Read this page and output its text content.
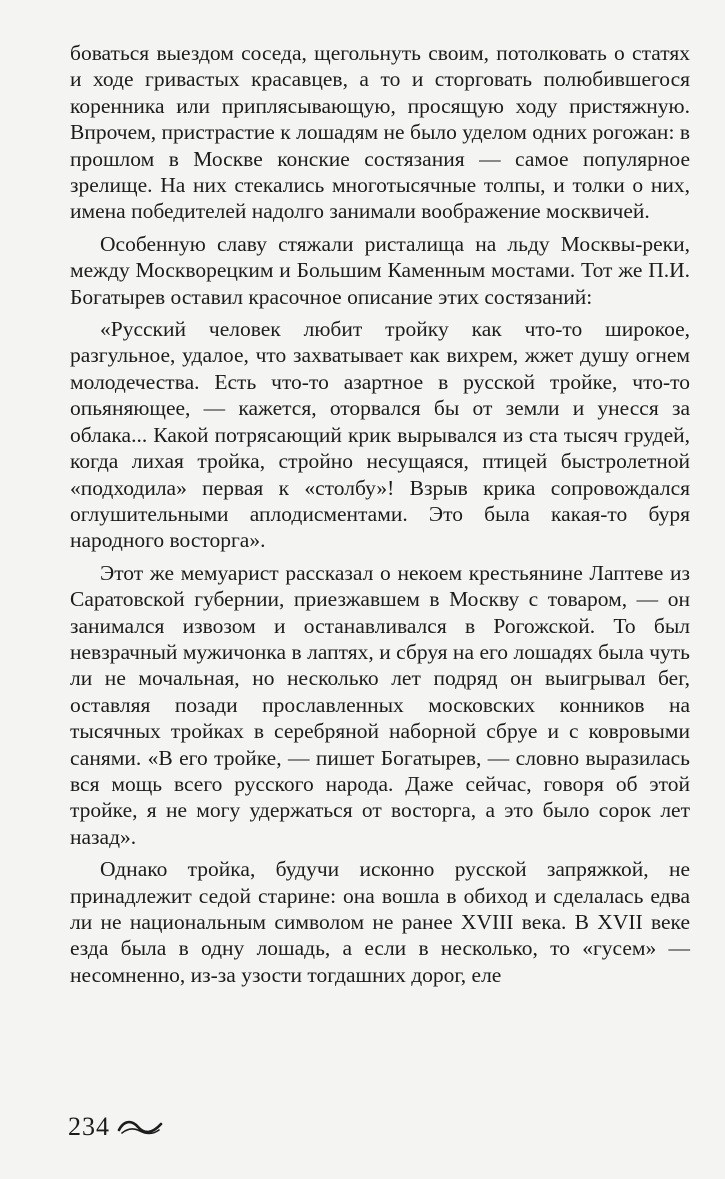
боваться выездом соседа, щегольнуть своим, потолковать о статях и ходе гривастых красавцев, а то и сторговать полюбившегося коренника или приплясывающую, просящую ходу пристяжную. Впрочем, пристрастие к лошадям не было уделом одних рогожан: в прошлом в Москве конские состязания — самое популярное зрелище. На них стекались многотысячные толпы, и толки о них, имена победителей надолго занимали воображение москвичей.

Особенную славу стяжали ристалища на льду Москвы-реки, между Москворецким и Большим Каменным мостами. Тот же П.И. Богатырев оставил красочное описание этих состязаний:

«Русский человек любит тройку как что-то широкое, разгульное, удалое, что захватывает как вихрем, жжет душу огнем молодечества. Есть что-то азартное в русской тройке, что-то опьяняющее, — кажется, оторвался бы от земли и унесся за облака... Какой потрясающий крик вырывался из ста тысяч грудей, когда лихая тройка, стройно несущаяся, птицей быстролетной «подходила» первая к «столбу»! Взрыв крика сопровождался оглушительными аплодисментами. Это была какая-то буря народного восторга».

Этот же мемуарист рассказал о некоем крестьянине Лаптеве из Саратовской губернии, приезжавшем в Москву с товаром, — он занимался извозом и останавливался в Рогожской. То был невзрачный мужичонка в лаптях, и сбруя на его лошадях была чуть ли не мочальная, но несколько лет подряд он выигрывал бег, оставляя позади прославленных московских конников на тысячных тройках в серебряной наборной сбруе и с ковровыми санями. «В его тройке, — пишет Богатырев, — словно выразилась вся мощь всего русского народа. Даже сейчас, говоря об этой тройке, я не могу удержаться от восторга, а это было сорок лет назад».

Однако тройка, будучи исконно русской запряжкой, не принадлежит седой старине: она вошла в обиход и сделалась едва ли не национальным символом не ранее XVIII века. В XVII веке езда была в одну лошадь, а если в несколько, то «гусем» — несомненно, из-за узости тогдашних дорог, еле

234
